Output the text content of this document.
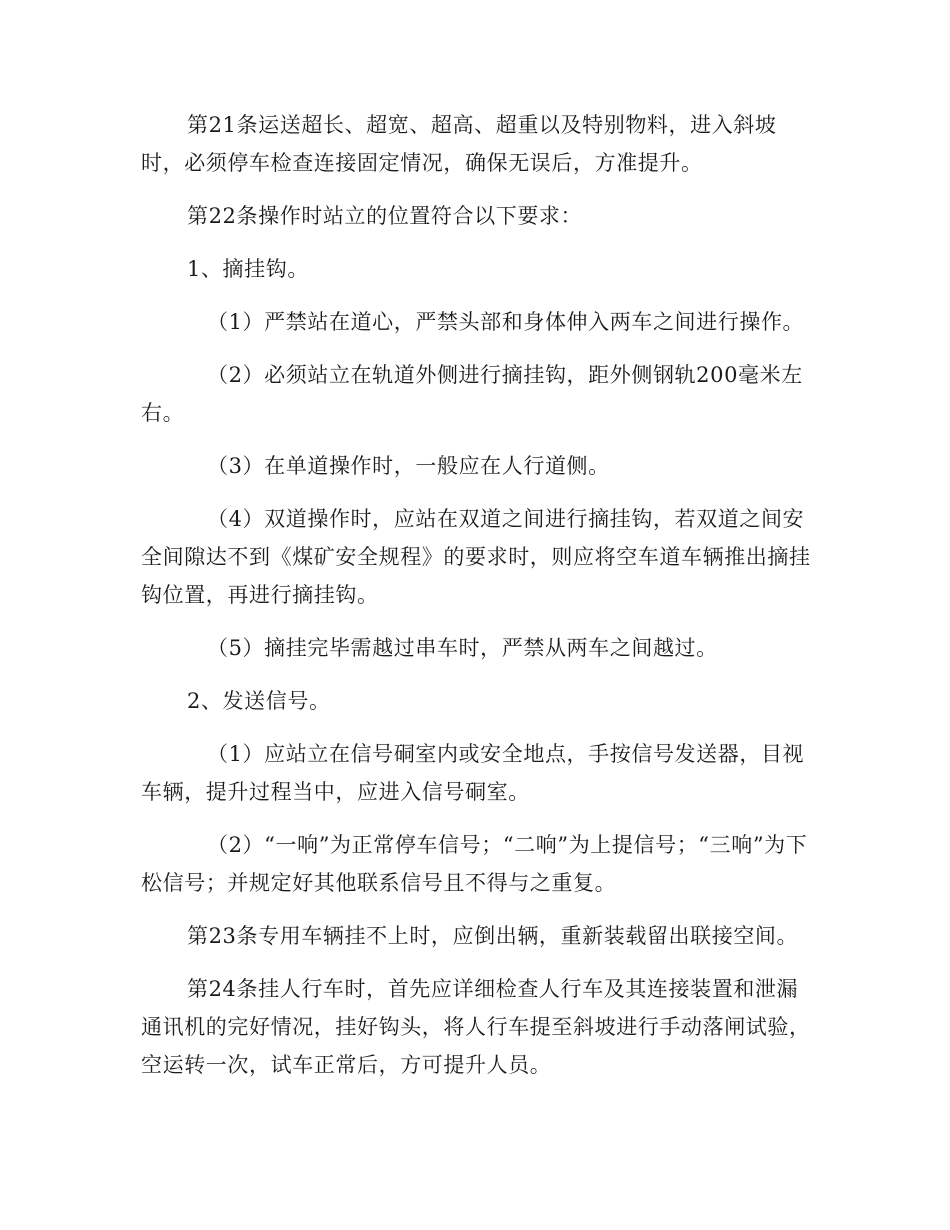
第21条运送超长、超宽、超高、超重以及特别物料，进入斜坡时，必须停车检查连接固定情况，确保无误后，方准提升。

第22条操作时站立的位置符合以下要求：

1、摘挂钩。

（1）严禁站在道心，严禁头部和身体伸入两车之间进行操作。

（2）必须站立在轨道外侧进行摘挂钩，距外侧钢轨200毫米左右。

（3）在单道操作时，一般应在人行道侧。

（4）双道操作时，应站在双道之间进行摘挂钩，若双道之间安全间隙达不到《煤矿安全规程》的要求时，则应将空车道车辆推出摘挂钩位置，再进行摘挂钩。

（5）摘挂完毕需越过串车时，严禁从两车之间越过。

2、发送信号。

（1）应站立在信号硐室内或安全地点，手按信号发送器，目视车辆，提升过程当中，应进入信号硐室。

（2）“一响”为正常停车信号；“二响”为上提信号；“三响”为下松信号；并规定好其他联系信号且不得与之重复。

第23条专用车辆挂不上时，应倒出辆，重新装载留出联接空间。

第24条挂人行车时，首先应详细检查人行车及其连接装置和泄漏通讯机的完好情况，挂好钩头，将人行车提至斜坡进行手动落闸试验，空运转一次，试车正常后，方可提升人员。
